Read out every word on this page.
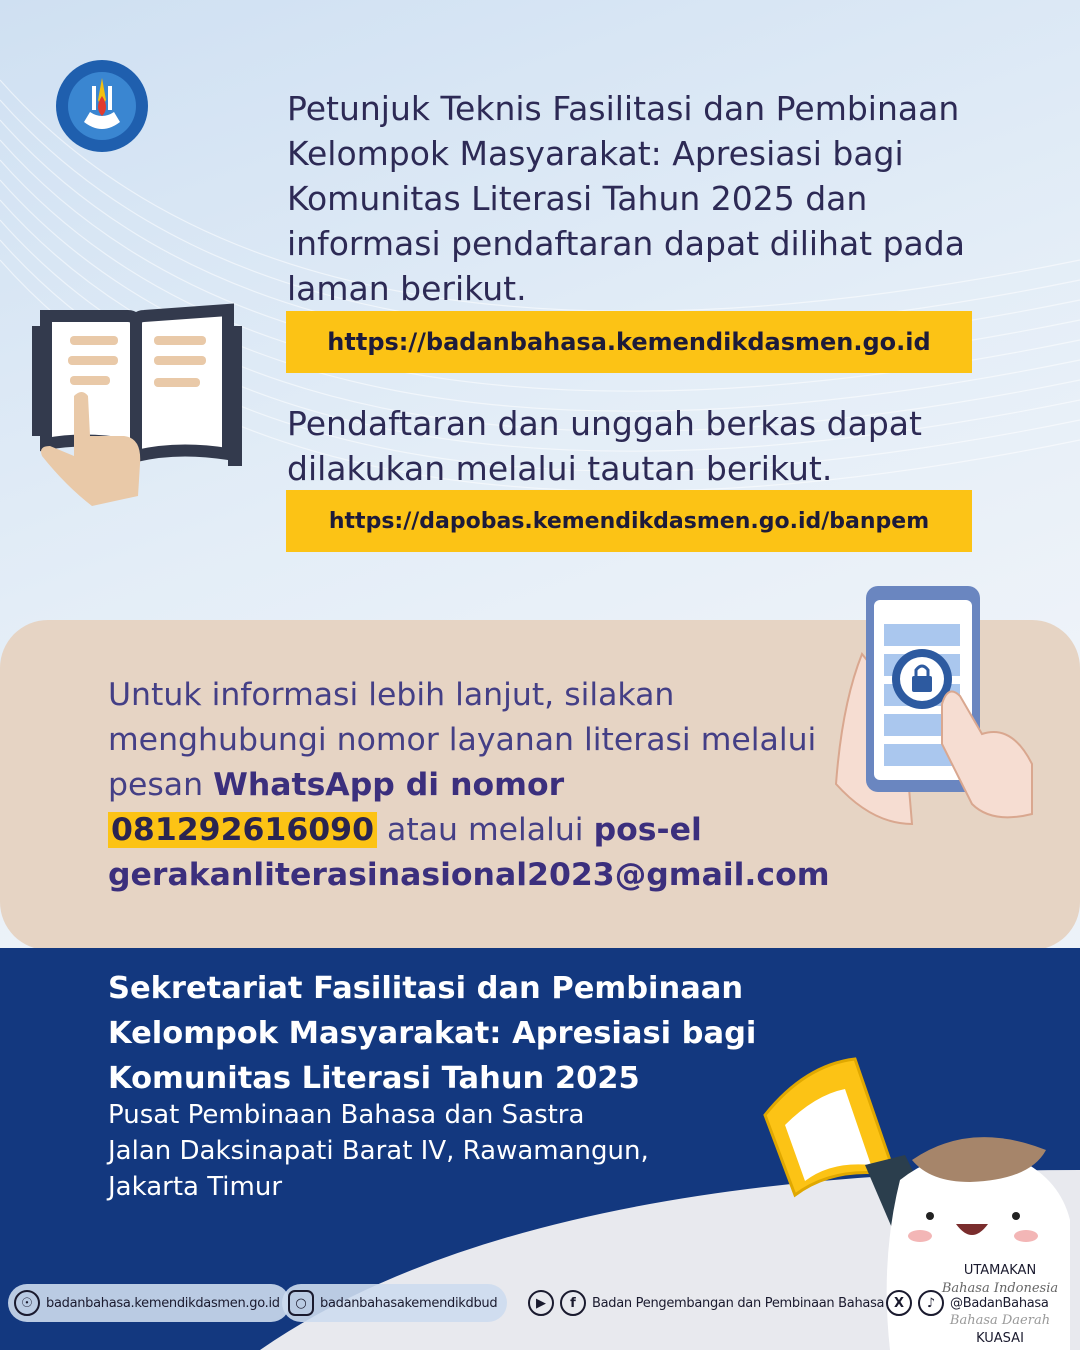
Petunjuk Teknis Fasilitasi dan Pembinaan Kelompok Masyarakat: Apresiasi bagi Komunitas Literasi Tahun 2025 dan informasi pendaftaran dapat dilihat pada laman berikut.
https://badanbahasa.kemendikdasmen.go.id
Pendaftaran dan unggah berkas dapat dilakukan melalui tautan berikut.
https://dapobas.kemendikdasmen.go.id/banpem
Untuk informasi lebih lanjut, silakan menghubungi nomor layanan literasi melalui pesan WhatsApp di nomor
081292616090 atau melalui pos-el
gerakanliterasinasional2023@gmail.com
Sekretariat Fasilitasi dan Pembinaan Kelompok Masyarakat: Apresiasi bagi Komunitas Literasi Tahun 2025
Pusat Pembinaan Bahasa dan Sastra
Jalan Daksinapati Barat IV, Rawamangun,
Jakarta Timur
UTAMAKAN
Bahasa Indonesia
Bahasa Daerah
KUASAI
☉	badanbahasa.kemendikdasmen.go.id	○	badanbahasakemendikdbud	▶	f	Badan Pengembangan dan Pembinaan Bahasa X	♪	@BadanBahasa
